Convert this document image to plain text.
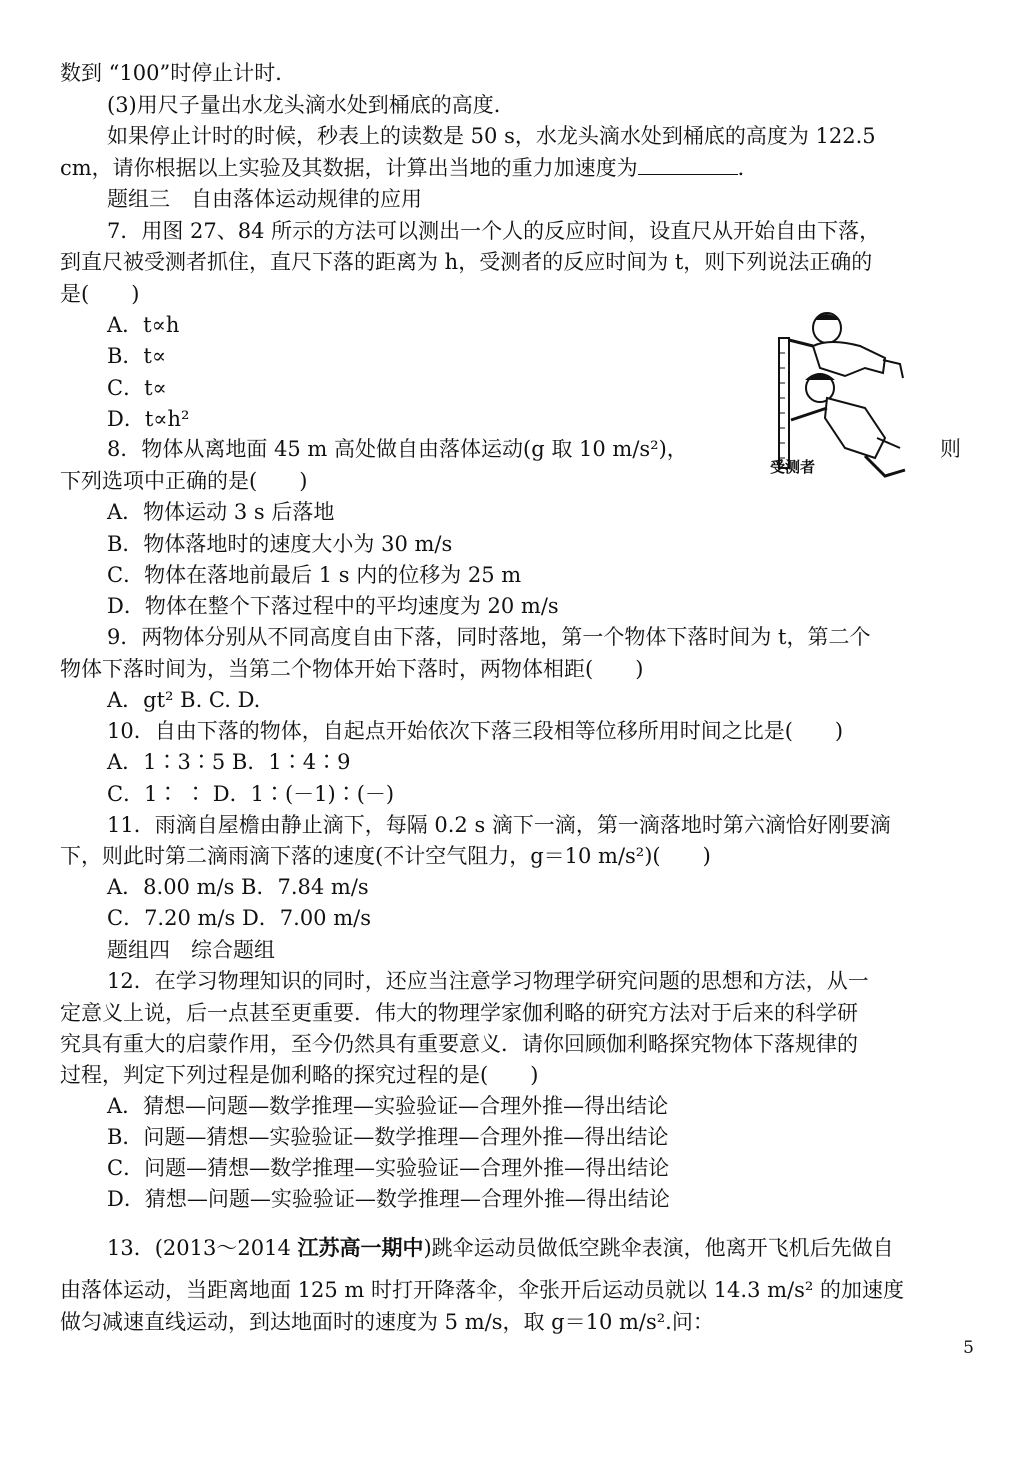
数到 “100”时停止计时．
(3)用尺子量出水龙头滴水处到桶底的高度．
如果停止计时的时候，秒表上的读数是 50 s，水龙头滴水处到桶底的高度为 122.5
cm，请你根据以上实验及其数据，计算出当地的重力加速度为	．
题组三　自由落体运动规律的应用
7．用图 27、84 所示的方法可以测出一个人的反应时间，设直尺从开始自由下落，
到直尺被受测者抓住，直尺下落的距离为 h，受测者的反应时间为 t，则下列说法正确的
是(　　)
A．t∝h
B．t∝
C．t∝
D．t∝h²
8．物体从离地面 45 m 高处做自由落体运动(g 取 10 m/s²)，	则
下列选项中正确的是(　　)
A．物体运动 3 s 后落地
B．物体落地时的速度大小为 30 m/s
C．物体在落地前最后 1 s 内的位移为 25 m
D．物体在整个下落过程中的平均速度为 20 m/s
9．两物体分别从不同高度自由下落，同时落地，第一个物体下落时间为 t，第二个
物体下落时间为，当第二个物体开始下落时，两物体相距(　　)
A．gt² B. C. D.
10．自由下落的物体，自起点开始依次下落三段相等位移所用时间之比是(　　)
A．1∶3∶5 B．1∶4∶9
C．1∶ ∶ D．1∶(－1)∶(－)
11．雨滴自屋檐由静止滴下，每隔 0.2 s 滴下一滴，第一滴落地时第六滴恰好刚要滴
下，则此时第二滴雨滴下落的速度(不计空气阻力，g＝10 m/s²)(　　)
A．8.00 m/s B．7.84 m/s
C．7.20 m/s D．7.00 m/s
题组四　综合题组
12．在学习物理知识的同时，还应当注意学习物理学研究问题的思想和方法，从一
定意义上说，后一点甚至更重要．伟大的物理学家伽利略的研究方法对于后来的科学研
究具有重大的启蒙作用，至今仍然具有重要意义．请你回顾伽利略探究物体下落规律的
过程，判定下列过程是伽利略的探究过程的是(　　)
A．猜想—问题—数学推理—实验验证—合理外推—得出结论
B．问题—猜想—实验验证—数学推理—合理外推—得出结论
C．问题—猜想—数学推理—实验验证—合理外推—得出结论
D．猜想—问题—实验验证—数学推理—合理外推—得出结论
13．(2013～2014 江苏高一期中)跳伞运动员做低空跳伞表演，他离开飞机后先做自
由落体运动，当距离地面 125 m 时打开降落伞，伞张开后运动员就以 14.3 m/s² 的加速度
做匀减速直线运动，到达地面时的速度为 5 m/s，取 g＝10 m/s².问：
受测者
5
